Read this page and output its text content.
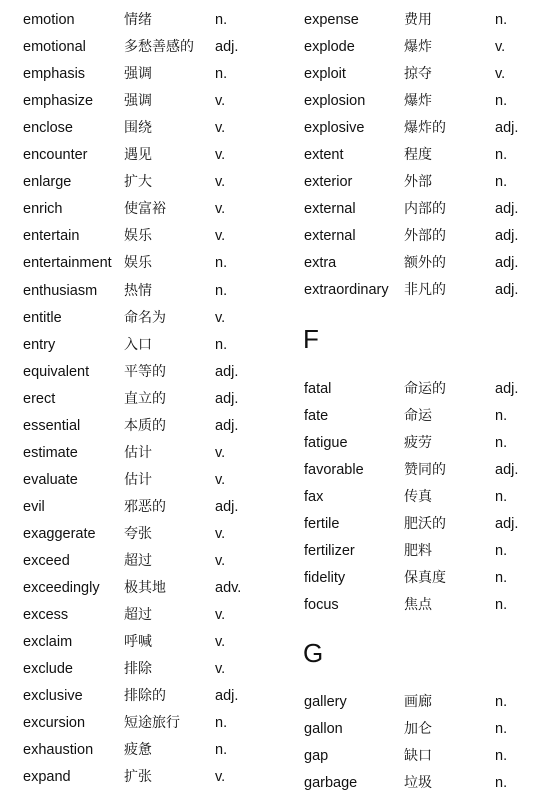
emotion	情绪	n.
emotional	多愁善感的 adj.
emphasis	强调	n.
emphasize 强调	v.
enclose	围绕	v.
encounter	遇见	v.
enlarge	扩大	v.
enrich	使富裕	v.
entertain	娱乐	v.
entertainment 娱乐	n.
enthusiasm 热情	n.
entitle	命名为	v.
entry	入口	n.
equivalent 平等的	adj.
erect	直立的	adj.
essential	本质的	adj.
estimate	估计	v.
evaluate	估计	v.
evil	邪恶的	adj.
exaggerate 夸张	v.
exceed	超过	v.
exceedingly 极其地	adv.
excess	超过	v.
exclaim	呼喊	v.
exclude	排除	v.
exclusive	排除的	adj.
excursion	短途旅行 n.
exhaustion 疲惫	n.
expand	扩张	v.
expense	费用	n.
explode	爆炸	v.
exploit	掠夺	v.
explosion	爆炸	n.
explosive	爆炸的	adj.
extent	程度	n.
exterior	外部	n.
external	内部的	adj.
external	外部的	adj.
extra	额外的	adj.
extraordinary 非凡的	adj.
F
fatal	命运的	adj.
fate	命运	n.
fatigue	疲劳	n.
favorable	赞同的	adj.
fax	传真	n.
fertile	肥沃的	adj.
fertilizer	肥料	n.
fidelity	保真度	n.
focus	焦点	n.
G
gallery	画廊	n.
gallon	加仑	n.
gap	缺口	n.
garbage	垃圾	n.
